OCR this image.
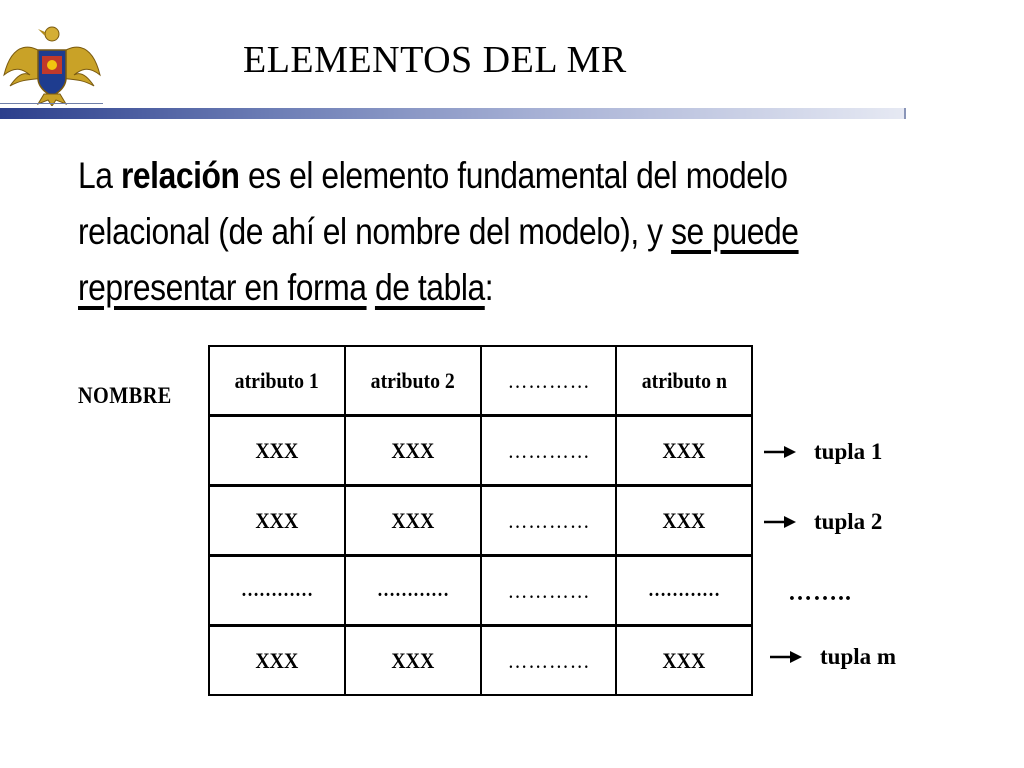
ELEMENTOS DEL MR
La relación es el elemento fundamental del modelo relacional (de ahí el nombre del modelo), y se puede representar en forma de tabla:
NOMBRE
atributo 1	atributo 2	…………	atributo n
XXX	XXX	…………	XXX
XXX	XXX	…………	XXX
…………	…………	…………	…………
XXX	XXX	…………	XXX
tupla 1
tupla 2
……..
tupla m
